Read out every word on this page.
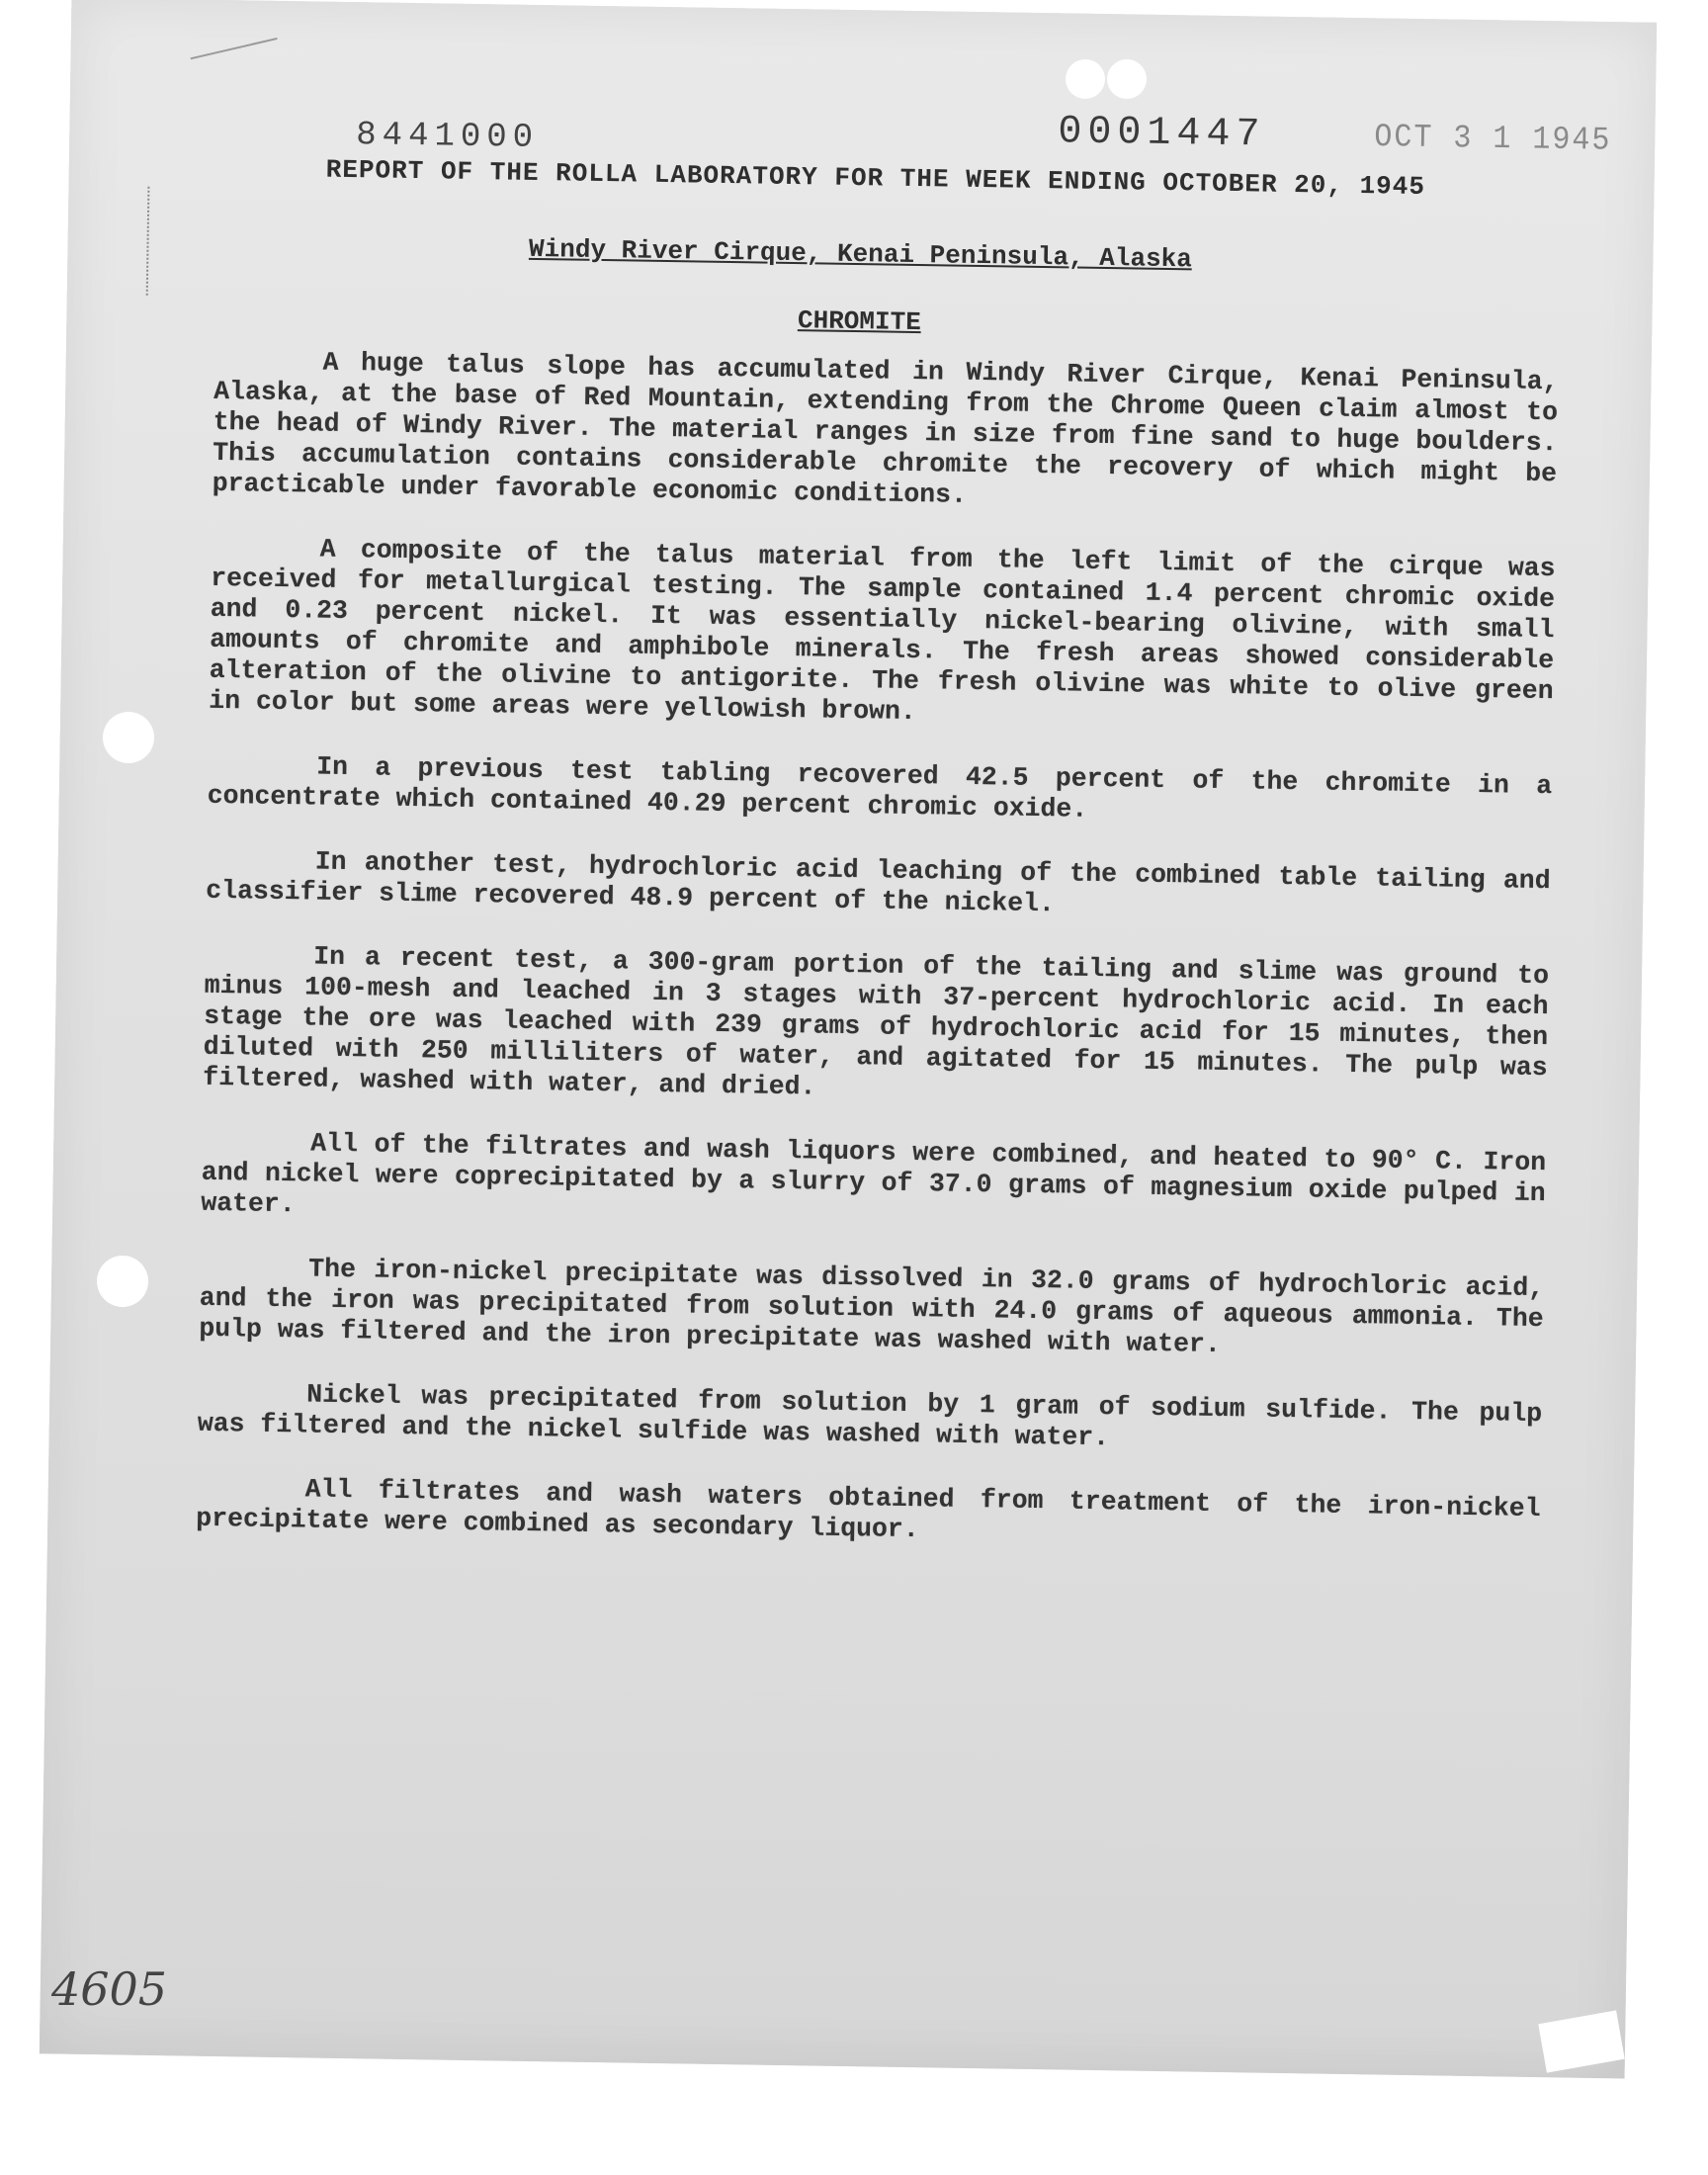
0001447
8441000	OCT 3 1 1945
REPORT OF THE ROLLA LABORATORY FOR THE WEEK ENDING OCTOBER 20, 1945
Windy River Cirque, Kenai Peninsula, Alaska
CHROMITE

A huge talus slope has accumulated in Windy River Cirque, Kenai Peninsula, Alaska, at the base of Red Mountain, extending from the Chrome Queen claim almost to the head of Windy River. The material ranges in size from fine sand to huge boulders. This accumulation contains considerable chromite the recovery of which might be practicable under favorable economic conditions.

A composite of the talus material from the left limit of the cirque was received for metallurgical testing. The sample contained 1.4 percent chromic oxide and 0.23 percent nickel. It was essentially nickel-bearing olivine, with small amounts of chromite and amphibole minerals. The fresh areas showed considerable alteration of the olivine to antigorite. The fresh olivine was white to olive green in color but some areas were yellowish brown.

In a previous test tabling recovered 42.5 percent of the chromite in a concentrate which contained 40.29 percent chromic oxide.

In another test, hydrochloric acid leaching of the combined table tailing and classifier slime recovered 48.9 percent of the nickel.

In a recent test, a 300-gram portion of the tailing and slime was ground to minus 100-mesh and leached in 3 stages with 37-percent hydrochloric acid. In each stage the ore was leached with 239 grams of hydrochloric acid for 15 minutes, then diluted with 250 milliliters of water, and agitated for 15 minutes. The pulp was filtered, washed with water, and dried.

All of the filtrates and wash liquors were combined, and heated to 90° C. Iron and nickel were coprecipitated by a slurry of 37.0 grams of magnesium oxide pulped in water.

The iron-nickel precipitate was dissolved in 32.0 grams of hydrochloric acid, and the iron was precipitated from solution with 24.0 grams of aqueous ammonia. The pulp was filtered and the iron precipitate was washed with water.

Nickel was precipitated from solution by 1 gram of sodium sulfide. The pulp was filtered and the nickel sulfide was washed with water.

All filtrates and wash waters obtained from treatment of the iron-nickel precipitate were combined as secondary liquor.

4605
